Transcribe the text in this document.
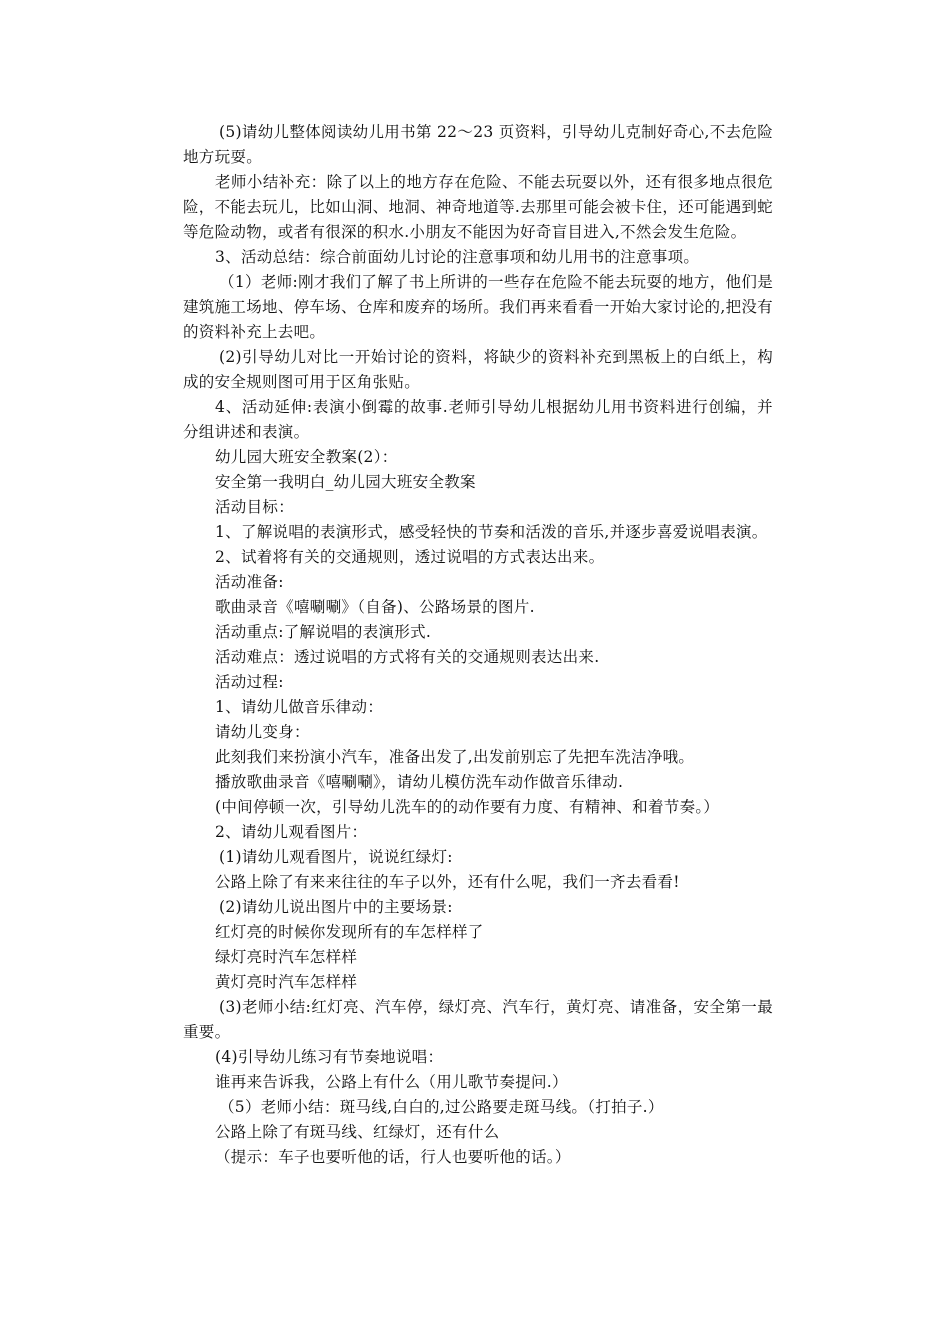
(5)请幼儿整体阅读幼儿用书第 22～23 页资料，引导幼儿克制好奇心,不去危险地方玩耍。
老师小结补充：除了以上的地方存在危险、不能去玩耍以外，还有很多地点很危险，不能去玩儿，比如山洞、地洞、神奇地道等.去那里可能会被卡住，还可能遇到蛇等危险动物，或者有很深的积水.小朋友不能因为好奇盲目进入,不然会发生危险。
3、活动总结：综合前面幼儿讨论的注意事项和幼儿用书的注意事项。
（1）老师:刚才我们了解了书上所讲的一些存在危险不能去玩耍的地方，他们是建筑施工场地、停车场、仓库和废弃的场所。我们再来看看一开始大家讨论的,把没有的资料补充上去吧。
(2)引导幼儿对比一开始讨论的资料，将缺少的资料补充到黑板上的白纸上，构成的安全规则图可用于区角张贴。
4、活动延伸:表演小倒霉的故事.老师引导幼儿根据幼儿用书资料进行创编，并分组讲述和表演。
幼儿园大班安全教案(2）：
安全第一我明白_幼儿园大班安全教案
活动目标：
1、了解说唱的表演形式，感受轻快的节奏和活泼的音乐,并逐步喜爱说唱表演。
2、试着将有关的交通规则，透过说唱的方式表达出来。
活动准备:
歌曲录音《嘻唰唰》（自备)、公路场景的图片.
活动重点:了解说唱的表演形式.
活动难点：透过说唱的方式将有关的交通规则表达出来.
活动过程:
1、请幼儿做音乐律动：
请幼儿变身：
此刻我们来扮演小汽车，准备出发了,出发前别忘了先把车洗洁净哦。
播放歌曲录音《嘻唰唰》，请幼儿模仿洗车动作做音乐律动.
(中间停顿一次，引导幼儿洗车的的动作要有力度、有精神、和着节奏。）
2、请幼儿观看图片：
(1)请幼儿观看图片，说说红绿灯:
公路上除了有来来往往的车子以外，还有什么呢，我们一齐去看看!
(2)请幼儿说出图片中的主要场景:
红灯亮的时候你发现所有的车怎样样了
绿灯亮时汽车怎样样
黄灯亮时汽车怎样样
(3)老师小结:红灯亮、汽车停，绿灯亮、汽车行，黄灯亮、请准备，安全第一最重要。
(4)引导幼儿练习有节奏地说唱：
谁再来告诉我，公路上有什么（用儿歌节奏提问.）
（5）老师小结：斑马线,白白的,过公路要走斑马线。（打拍子.）
公路上除了有斑马线、红绿灯，还有什么
（提示：车子也要听他的话，行人也要听他的话。）
